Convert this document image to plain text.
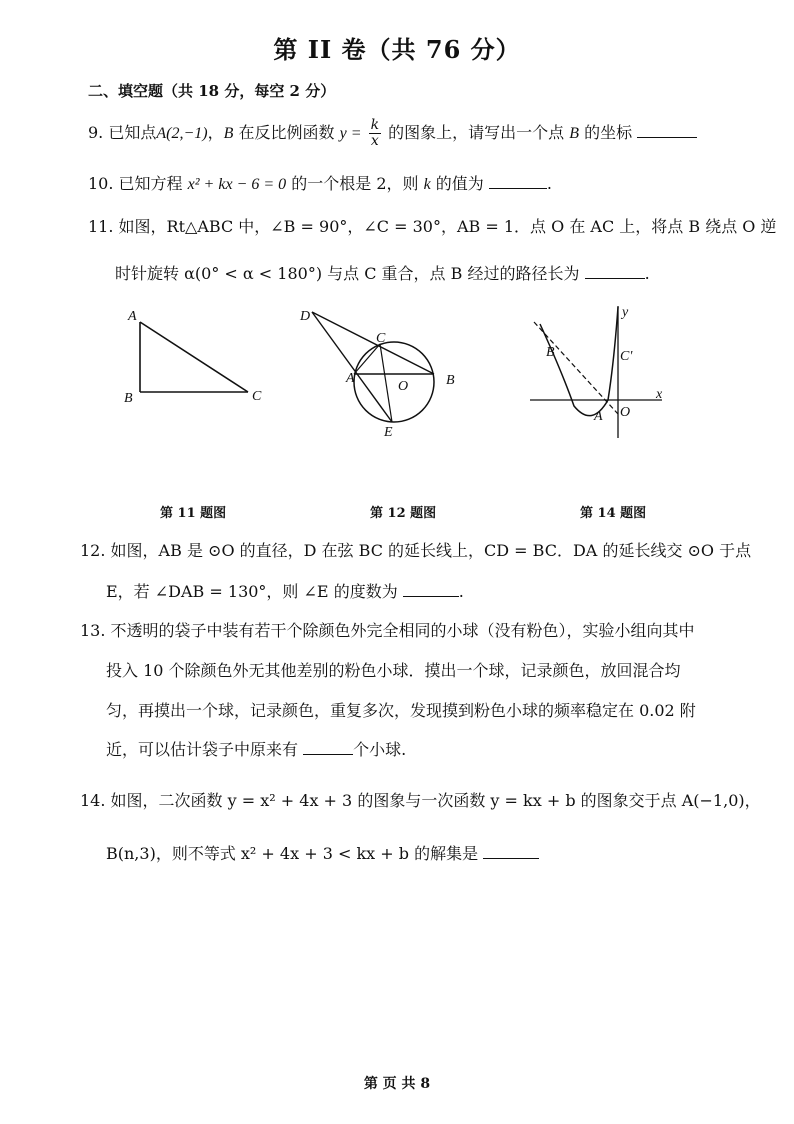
第 II 卷（共 76 分）
二、填空题（共 18 分，每空 2 分）
9. 已知点A(2,−1)，B 在反比例函数 $y = \frac{k}{x}$ 的图象上，请写出一个点 B 的坐标
10. 已知方程 x² + kx − 6 = 0 的一个根是 2，则 k 的值为	.
11. 如图，Rt△ABC 中，∠B = 90°，∠C = 30°，AB = 1．点 O 在 AC 上，将点 B 绕点 O 逆
时针旋转 α(0° < α < 180°) 与点 C 重合，点 B 经过的路径长为	.
A
B	C
D
C
A
O	B
E
B	C'
A O
x
y
第 11 题图	第 12 题图	第 14 题图
12. 如图，AB 是 ⊙O 的直径，D 在弦 BC 的延长线上，CD = BC．DA 的延长线交 ⊙O 于点
E，若 ∠DAB = 130°，则 ∠E 的度数为	.
13. 不透明的袋子中装有若干个除颜色外完全相同的小球（没有粉色），实验小组向其中
投入 10 个除颜色外无其他差别的粉色小球．摸出一个球，记录颜色，放回混合均
匀，再摸出一个球，记录颜色，重复多次，发现摸到粉色小球的频率稳定在 0.02 附
近，可以估计袋子中原来有	个小球.
14. 如图，二次函数 y = x² + 4x + 3 的图象与一次函数 y = kx + b 的图象交于点 A(−1,0)，
B(n,3)，则不等式 x² + 4x + 3 < kx + b 的解集是
第 页 共 8
